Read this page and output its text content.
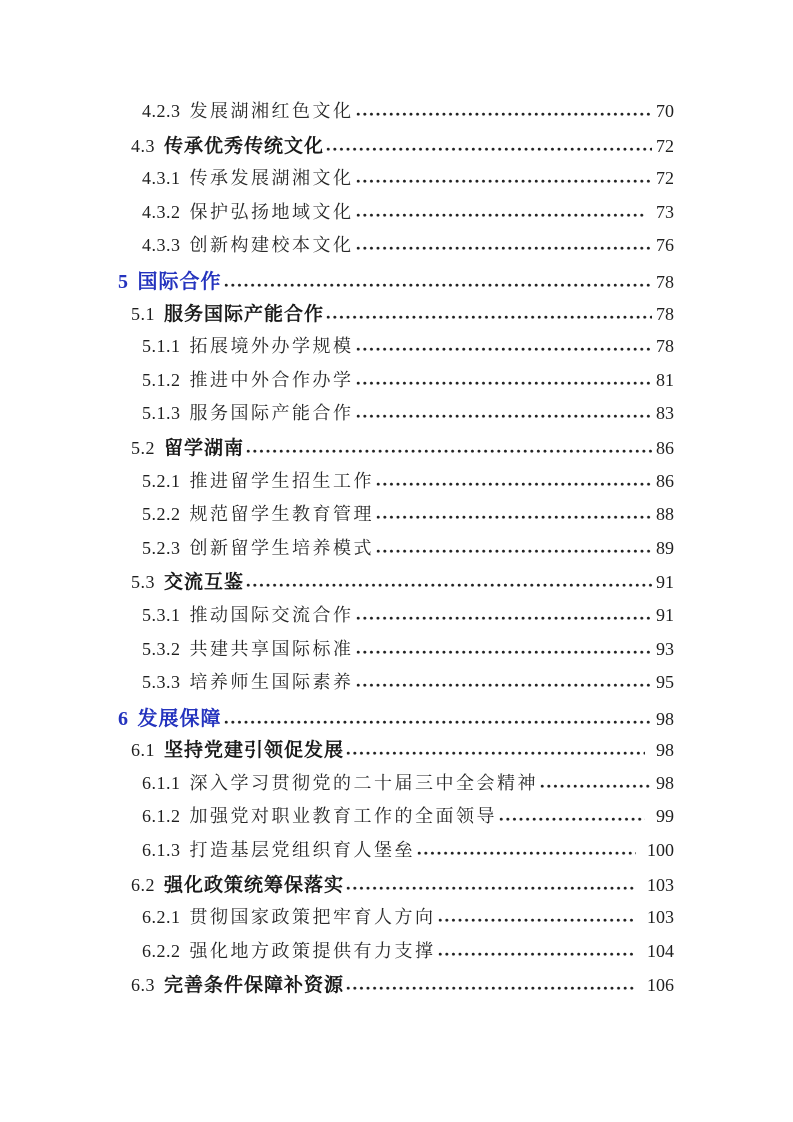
4.2.3 发展湖湘红色文化	70
4.3 传承优秀传统文化	72
4.3.1 传承发展湖湘文化	72
4.3.2 保护弘扬地域文化	73
4.3.3 创新构建校本文化	76
5 国际合作	78
5.1 服务国际产能合作	78
5.1.1 拓展境外办学规模	78
5.1.2 推进中外合作办学	81
5.1.3 服务国际产能合作	83
5.2 留学湖南	86
5.2.1 推进留学生招生工作	86
5.2.2 规范留学生教育管理	88
5.2.3 创新留学生培养模式	89
5.3 交流互鉴	91
5.3.1 推动国际交流合作	91
5.3.2 共建共享国际标准	93
5.3.3 培养师生国际素养	95
6 发展保障	98
6.1 坚持党建引领促发展	98
6.1.1 深入学习贯彻党的二十届三中全会精神	98
6.1.2 加强党对职业教育工作的全面领导	99
6.1.3 打造基层党组织育人堡垒	100
6.2 强化政策统筹保落实	103
6.2.1 贯彻国家政策把牢育人方向	103
6.2.2 强化地方政策提供有力支撑	104
6.3 完善条件保障补资源	106
